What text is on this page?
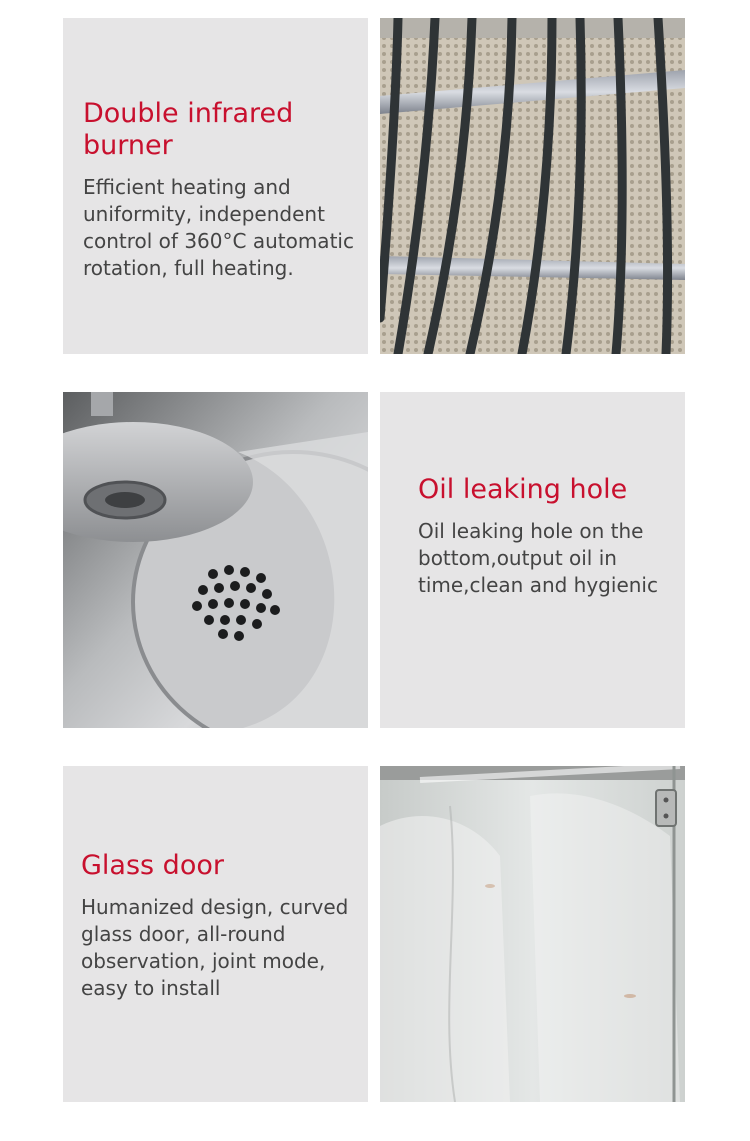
Double infrared burner

Efficient heating and uniformity, independent control of 360°C automatic rotation, full heating.

Oil leaking hole

Oil leaking hole on the bottom,output oil in time,clean and hygienic

Glass door

Humanized design, curved glass door, all-round observation, joint mode, easy to install
